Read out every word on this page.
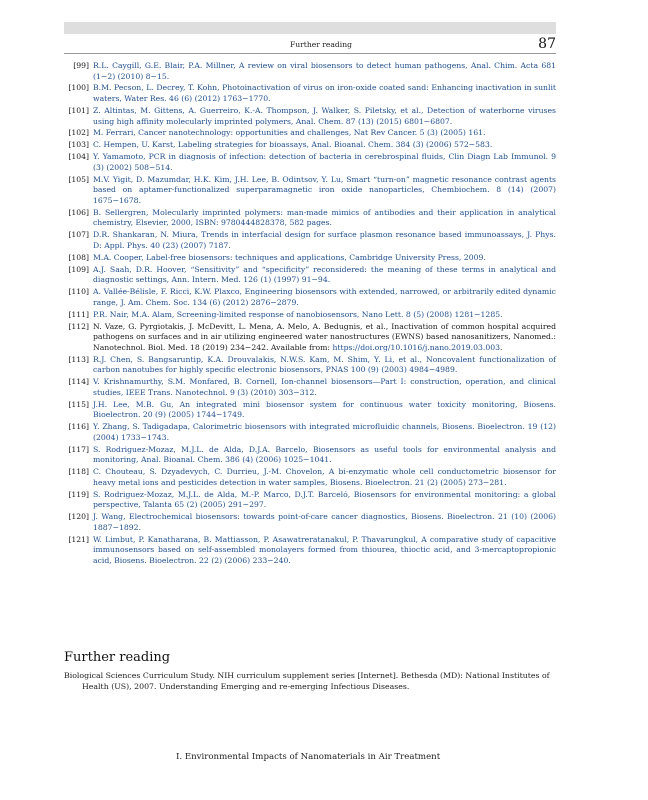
Further reading	87
[99] R.L. Caygill, G.E. Blair, P.A. Millner, A review on viral biosensors to detect human pathogens, Anal. Chim. Acta 681 (1−2) (2010) 8−15.
[100] B.M. Pecson, L. Decrey, T. Kohn, Photoinactivation of virus on iron-oxide coated sand: Enhancing inactivation in sunlit waters, Water Res. 46 (6) (2012) 1763−1770.
[101] Z. Altintas, M. Gittens, A. Guerreiro, K.-A. Thompson, J. Walker, S. Piletsky, et al., Detection of waterborne viruses using high affinity molecularly imprinted polymers, Anal. Chem. 87 (13) (2015) 6801−6807.
[102] M. Ferrari, Cancer nanotechnology: opportunities and challenges, Nat Rev Cancer. 5 (3) (2005) 161.
[103] C. Hempen, U. Karst, Labeling strategies for bioassays, Anal. Bioanal. Chem. 384 (3) (2006) 572−583.
[104] Y. Yamamoto, PCR in diagnosis of infection: detection of bacteria in cerebrospinal fluids, Clin Diagn Lab Immunol. 9 (3) (2002) 508−514.
[105] M.V. Yigit, D. Mazumdar, H.K. Kim, J.H. Lee, B. Odintsov, Y. Lu, Smart “turn-on” magnetic resonance contrast agents based on aptamer-functionalized superparamagnetic iron oxide nanoparticles, Chembiochem. 8 (14) (2007) 1675−1678.
[106] B. Sellergren, Molecularly imprinted polymers: man-made mimics of antibodies and their application in analytical chemistry, Elsevier, 2000, ISBN: 9780444828378, 582 pages.
[107] D.R. Shankaran, N. Miura, Trends in interfacial design for surface plasmon resonance based immunoassays, J. Phys. D: Appl. Phys. 40 (23) (2007) 7187.
[108] M.A. Cooper, Label-free biosensors: techniques and applications, Cambridge University Press, 2009.
[109] A.J. Saah, D.R. Hoover, “Sensitivity” and “specificity” reconsidered: the meaning of these terms in analytical and diagnostic settings, Ann. Intern. Med. 126 (1) (1997) 91−94.
[110] A. Vallée-Bélisle, F. Ricci, K.W. Plaxco, Engineering biosensors with extended, narrowed, or arbitrarily edited dynamic range, J. Am. Chem. Soc. 134 (6) (2012) 2876−2879.
[111] P.R. Nair, M.A. Alam, Screening-limited response of nanobiosensors, Nano Lett. 8 (5) (2008) 1281−1285.
[112] N. Vaze, G. Pyrgiotakis, J. McDevitt, L. Mena, A. Melo, A. Bedugnis, et al., Inactivation of common hospital acquired pathogens on surfaces and in air utilizing engineered water nanostructures (EWNS) based nanosanitizers, Nanomed.: Nanotechnol. Biol. Med. 18 (2019) 234−242. Available from: https://doi.org/10.1016/j.nano.2019.03.003.
[113] R.J. Chen, S. Bangsaruntip, K.A. Drouvalakis, N.W.S. Kam, M. Shim, Y. Li, et al., Noncovalent functionalization of carbon nanotubes for highly specific electronic biosensors, PNAS 100 (9) (2003) 4984−4989.
[114] V. Krishnamurthy, S.M. Monfared, B. Cornell, Ion-channel biosensors—Part I: construction, operation, and clinical studies, IEEE Trans. Nanotechnol. 9 (3) (2010) 303−312.
[115] J.H. Lee, M.B. Gu, An integrated mini biosensor system for continuous water toxicity monitoring, Biosens. Bioelectron. 20 (9) (2005) 1744−1749.
[116] Y. Zhang, S. Tadigadapa, Calorimetric biosensors with integrated microfluidic channels, Biosens. Bioelectron. 19 (12) (2004) 1733−1743.
[117] S. Rodriguez-Mozaz, M.J.L. de Alda, D.J.A. Barcelo, Biosensors as useful tools for environmental analysis and monitoring, Anal. Bioanal. Chem. 386 (4) (2006) 1025−1041.
[118] C. Chouteau, S. Dzyadevych, C. Durrieu, J.-M. Chovelon, A bi-enzymatic whole cell conductometric biosensor for heavy metal ions and pesticides detection in water samples, Biosens. Bioelectron. 21 (2) (2005) 273−281.
[119] S. Rodriguez-Mozaz, M.J.L. de Alda, M.-P. Marco, D.J.T. Barceló, Biosensors for environmental monitoring: a global perspective, Talanta 65 (2) (2005) 291−297.
[120] J. Wang, Electrochemical biosensors: towards point-of-care cancer diagnostics, Biosens. Bioelectron. 21 (10) (2006) 1887−1892.
[121] W. Limbut, P. Kanatharana, B. Mattiasson, P. Asawatreratanakul, P. Thavarungkul, A comparative study of capacitive immunosensors based on self-assembled monolayers formed from thiourea, thioctic acid, and 3-mercaptopropionic acid, Biosens. Bioelectron. 22 (2) (2006) 233−240.
Further reading
Biological Sciences Curriculum Study. NIH curriculum supplement series [Internet]. Bethesda (MD): National Institutes of Health (US), 2007. Understanding Emerging and re-emerging Infectious Diseases.
I. Environmental Impacts of Nanomaterials in Air Treatment
